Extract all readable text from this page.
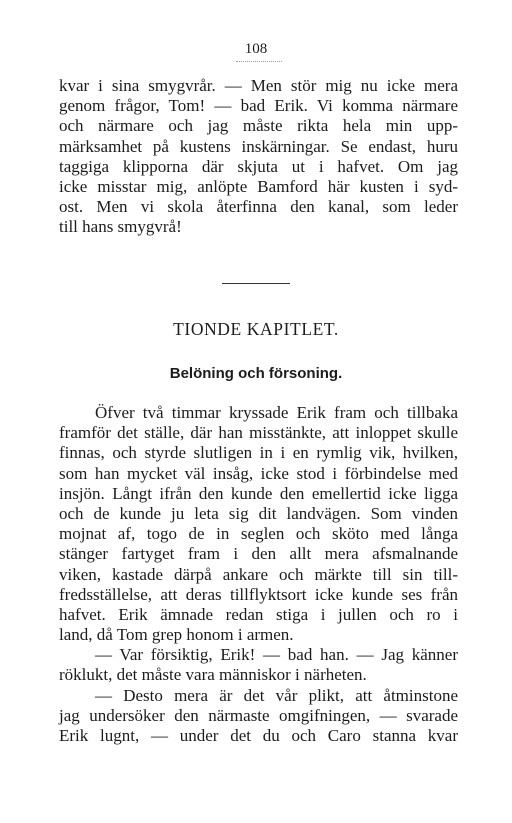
108
kvar i sina smygvrår. — Men stör mig nu icke mera
genom frågor, Tom! — bad Erik. Vi komma närmare
och närmare och jag måste rikta hela min upp-
märksamhet på kustens inskärningar. Se endast, huru
taggiga klipporna där skjuta ut i hafvet. Om jag
icke misstar mig, anlöpte Bamford här kusten i syd-
ost. Men vi skola återfinna den kanal, som leder
till hans smygvrå!
TIONDE KAPITLET.
Belöning och försoning.
Öfver två timmar kryssade Erik fram och tillbaka
framför det ställe, där han misstänkte, att inloppet skulle
finnas, och styrde slutligen in i en rymlig vik, hvilken,
som han mycket väl insåg, icke stod i förbindelse med
insjön. Långt ifrån den kunde den emellertid icke ligga
och de kunde ju leta sig dit landvägen. Som vinden
mojnat af, togo de in seglen och sköto med långa
stänger fartyget fram i den allt mera afsmalnande
viken, kastade därpå ankare och märkte till sin till-
fredsställelse, att deras tillflyktsort icke kunde ses från
hafvet. Erik ämnade redan stiga i jullen och ro i
land, då Tom grep honom i armen.
— Var försiktig, Erik! — bad han. — Jag känner
röklukt, det måste vara människor i närheten.
— Desto mera är det vår plikt, att åtminstone
jag undersöker den närmaste omgifningen, — svarade
Erik lugnt, — under det du och Caro stanna kvar
